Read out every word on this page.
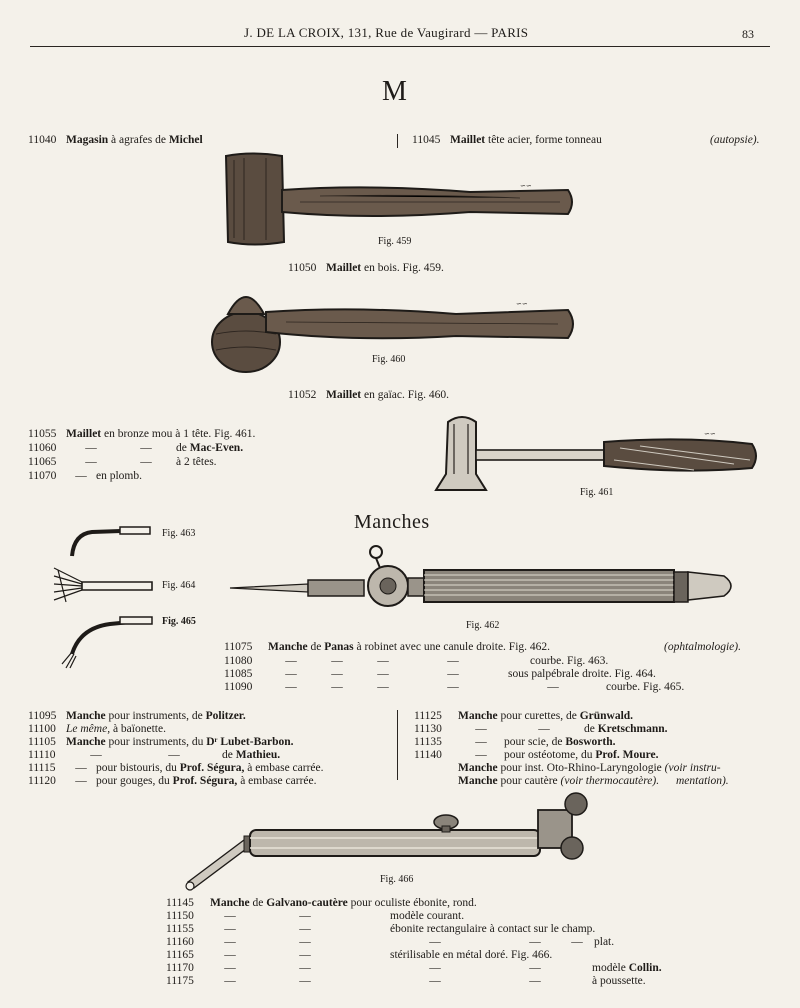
J. DE LA CROIX, 131, Rue de Vaugirard — PARIS	83
M
11040 Magasin à agrafes de Michel	11045 Maillet tête acier, forme tonneau	(autopsie).
∽∽
Fig. 459
11050 Maillet en bois. Fig. 459.
∽∽
Fig. 460
11052 Maillet en gaïac. Fig. 460.
11055 Maillet en bronze mou à 1 tête. Fig. 461.
11060	—	— de Mac-Even.
11065	—	— à 2 têtes.
11070 — en plomb.
∽∽
Fig. 461
Manches
Fig. 463
Fig. 464
Fig. 465	Fig. 462
11075 Manche de Panas à robinet avec une canule droite. Fig. 462.	(ophtalmologie).
11080	—	—	—	—	courbe. Fig. 463.
11085	—	—	—	—	sous palpébrale droite. Fig. 464.
11090	—	—	—	—	—	courbe. Fig. 465.
11095 Manche pour instruments, de Politzer.
11100 Le même, à baïonette.
11105 Manche pour instruments, du Dʳ Lubet-Barbon.
11110	—	—	de Mathieu.
11115 — pour bistouris, du Prof. Ségura, à embase carrée.
11120 — pour gouges, du Prof. Ségura, à embase carrée.
11125 Manche pour curettes, de Grünwald.
11130	—	—	de Kretschmann.
11135	— pour scie, de Bosworth.
11140	— pour ostéotome, du Prof. Moure.
Manche pour inst. Oto-Rhino-Laryngologie (voir instru-
Manche pour cautère (voir thermocautère). mentation).
Fig. 466
11145 Manche de Galvano-cautère pour oculiste ébonite, rond.
11150	—	—	modèle courant.
11155	—	—	ébonite rectangulaire à contact sur le champ.
11160	—	—	—	—	— plat.
11165	—	—	stérilisable en métal doré. Fig. 466.
11170	—	—	—	—	modèle Collin.
11175	—	—	—	—	à poussette.
